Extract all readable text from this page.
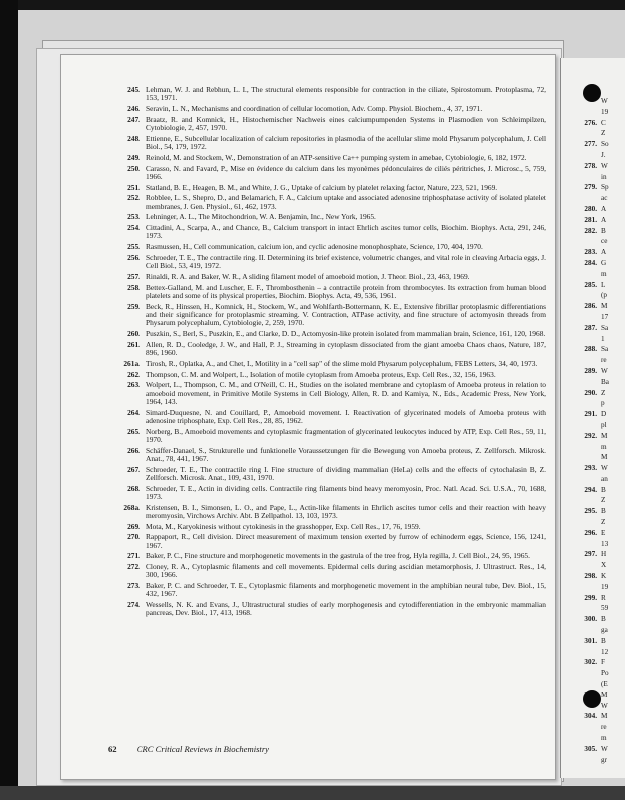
245. Lehman, W. J. and Rebhun, L. I., The structural elements responsible for contraction in the ciliate, Spirostomum. Protoplasma, 72, 153, 1971.
246. Seravin, L. N., Mechanisms and coordination of cellular locomotion, Adv. Comp. Physiol. Biochem., 4, 37, 1971.
247. Braatz, R. and Komnick, H., Histochemischer Nachweis eines calciumpumpenden Systems in Plasmodien von Schleimpilzen, Cytobiologie, 2, 457, 1970.
248. Ettienne, E., Subcellular localization of calcium repositories in plasmodia of the acellular slime mold Physarum polycephalum, J. Cell Biol., 54, 179, 1972.
249. Reinold, M. and Stockem, W., Demonstration of an ATP-sensitive Ca++ pumping system in amebae, Cytobiologie, 6, 182, 1972.
250. Carasso, N. and Favard, P., Mise en évidence du calcium dans les myonèmes pédonculaires de ciliés péritriches, J. Microsc., 5, 759, 1966.
251. Statland, B. E., Heagen, B. M., and White, J. G., Uptake of calcium by platelet relaxing factor, Nature, 223, 521, 1969.
252. Robblee, L. S., Shepro, D., and Belamarich, F. A., Calcium uptake and associated adenosine triphosphatase activity of isolated platelet membranes, J. Gen. Physiol., 61, 462, 1973.
253. Lehninger, A. L., The Mitochondrion, W. A. Benjamin, Inc., New York, 1965.
254. Cittadini, A., Scarpa, A., and Chance, B., Calcium transport in intact Ehrlich ascites tumor cells, Biochim. Biophys. Acta, 291, 246, 1973.
255. Rasmussen, H., Cell communication, calcium ion, and cyclic adenosine monophosphate, Science, 170, 404, 1970.
256. Schroeder, T. E., The contractile ring. II. Determining its brief existence, volumetric changes, and vital role in cleaving Arbacia eggs, J. Cell Biol., 53, 419, 1972.
257. Rinaldi, R. A. and Baker, W. R., A sliding filament model of amoeboid motion, J. Theor. Biol., 23, 463, 1969.
258. Bettex-Galland, M. and Luscher, E. F., Thrombosthenin – a contractile protein from thrombocytes. Its extraction from human blood platelets and some of its physical properties, Biochim. Biophys. Acta, 49, 536, 1961.
259. Beck, R., Hinssen, H., Komnick, H., Stockem, W., and Wohlfarth-Bottermann, K. E., Extensive fibrillar protoplasmic differentiations and their significance for protoplasmic streaming. V. Contraction, ATPase activity, and fine structure of actomyosin threads from Physarum polycephalum, Cytobiologie, 2, 259, 1970.
260. Puszkin, S., Berl, S., Puszkin, E., and Clarke, D. D., Actomyosin-like protein isolated from mammalian brain, Science, 161, 120, 1968.
261. Allen, R. D., Cooledge, J. W., and Hall, P. J., Streaming in cytoplasm dissociated from the giant amoeba Chaos chaos, Nature, 187, 896, 1960.
261a. Tirosh, R., Oplatka, A., and Chet, I., Motility in a "cell sap" of the slime mold Physarum polycephalum, FEBS Letters, 34, 40, 1973.
262. Thompson, C. M. and Wolpert, L., Isolation of motile cytoplasm from Amoeba proteus, Exp. Cell Res., 32, 156, 1963.
263. Wolpert, L., Thompson, C. M., and O'Neill, C. H., Studies on the isolated membrane and cytoplasm of Amoeba proteus in relation to amoeboid movement, in Primitive Motile Systems in Cell Biology, Allen, R. D. and Kamiya, N., Eds., Academic Press, New York, 1964, 143.
264. Simard-Duquesne, N. and Couillard, P., Amoeboid movement. I. Reactivation of glycerinated models of Amoeba proteus with adenosine triphosphate, Exp. Cell Res., 28, 85, 1962.
265. Norberg, B., Amoeboid movements and cytoplasmic fragmentation of glycerinated leukocytes induced by ATP, Exp. Cell Res., 59, 11, 1970.
266. Schäffer-Danael, S., Strukturelle und funktionelle Voraussetzungen für die Bewegung von Amoeba proteus, Z. Zellforsch. Mikrosk. Anat., 78, 441, 1967.
267. Schroeder, T. E., The contractile ring I. Fine structure of dividing mammalian (HeLa) cells and the effects of cytochalasin B, Z. Zellforsch. Microsk. Anat., 109, 431, 1970.
268. Schroeder, T. E., Actin in dividing cells. Contractile ring filaments bind heavy meromyosin, Proc. Natl. Acad. Sci. U.S.A., 70, 1688, 1973.
268a. Kristensen, B. I., Simonsen, L. O., and Pape, L., Actin-like filaments in Ehrlich ascites tumor cells and their reaction with heavy meromyosin, Virchows Archiv. Abt. B Zellpathol. 13, 103, 1973.
269. Mota, M., Karyokinesis without cytokinesis in the grasshopper, Exp. Cell Res., 17, 76, 1959.
270. Rappaport, R., Cell division. Direct measurement of maximum tension exerted by furrow of echinoderm eggs, Science, 156, 1241, 1967.
271. Baker, P. C., Fine structure and morphogenetic movements in the gastrula of the tree frog, Hyla regilla, J. Cell Biol., 24, 95, 1965.
272. Cloney, R. A., Cytoplasmic filaments and cell movements. Epidermal cells during ascidian metamorphosis, J. Ultrastruct. Res., 14, 300, 1966.
273. Baker, P. C. and Schroeder, T. E., Cytoplasmic filaments and morphogenetic movement in the amphibian neural tube, Dev. Biol., 15, 432, 1967.
274. Wessells, N. K. and Evans, J., Ultrastructural studies of early morphogenesis and cytodifferentiation in the embryonic mammalian pancreas, Dev. Biol., 17, 413, 1968.
62 CRC Critical Reviews in Biochemistry
W
19
276. C
Z
277. So
J.
278. W
in
279. Sp
ac
280. A
281. A
282. B
ce
283. A
284. G
m
285. L
(p
286. M
17
287. Sa
1
288. Sa
re
289. W
Ba
290. Z
p
291. D
pl
292. M
m
M
293. W
an
294. B
Z
295. B
Z
296. E
13
297. H
X
298. K
19
299. R
59
300. B
ga
301. B
12
302. F
Po
(E
M
W
304. M
re
m
305. W
gr
